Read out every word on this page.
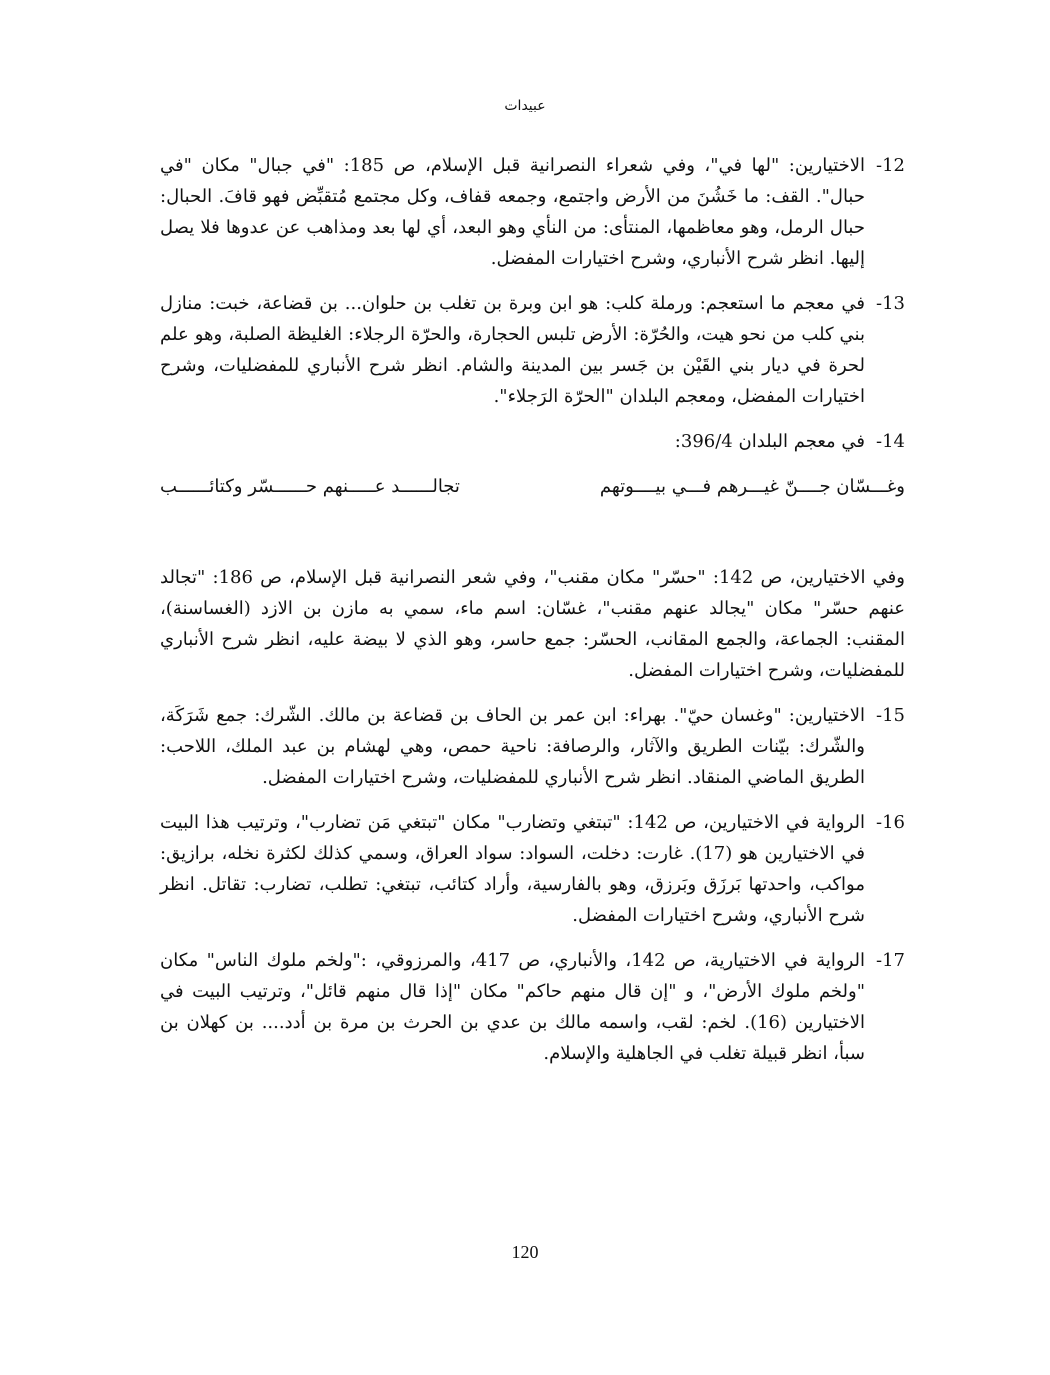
عبيدات
12-
الاختيارين: "لها في"، وفي شعراء النصرانية قبل الإسلام، ص 185: "في جبال" مكان "في حبال". القف: ما خَشُنَ من الأرض واجتمع، وجمعه قفاف، وكل مجتمع مُتقبِّض فهو قافَ. الحبال: حبال الرمل، وهو معاظمها، المنتأى: من النأي وهو البعد، أي لها بعد ومذاهب عن عدوها فلا يصل إليها. انظر شرح الأنباري، وشرح اختيارات المفضل.
13-
في معجم ما استعجم: ورملة كلب: هو ابن وبرة بن تغلب بن حلوان... بن قضاعة، خبت: منازل بني كلب من نحو هيت، والحُرّة: الأرض تلبس الحجارة، والحرّة الرجلاء: الغليظة الصلبة، وهو علم لحرة في ديار بني القَيْن بن جَسر بين المدينة والشام. انظر شرح الأنباري للمفضليات، وشرح اختيارات المفضل، ومعجم البلدان "الحرّة الرَجلاء".
14-
في معجم البلدان 396/4:
وغـــسّان جــــنّ غيـــرهم فـــي بيــــوتهم
تجالــــــد عـــــنهم حــــــسّر وكتائــــــب
وفي الاختيارين، ص 142: "حسّر" مكان مقنب"، وفي شعر النصرانية قبل الإسلام، ص 186: "تجالد عنهم حسّر" مكان "يجالد عنهم مقنب"، غسّان: اسم ماء، سمي به مازن بن الازد (الغساسنة)، المقنب: الجماعة، والجمع المقانب، الحسّر: جمع حاسر، وهو الذي لا بيضة عليه، انظر شرح الأنباري للمفضليات، وشرح اختيارات المفضل.
15-
الاختيارين: "وغسان حيّ". بهراء: ابن عمر بن الحاف بن قضاعة بن مالك. الشّرك: جمع شَرَكَة، والشّرك: بيّنات الطريق والآثار، والرصافة: ناحية حمص، وهي لهشام بن عبد الملك، اللاحب: الطريق الماضي المنقاد. انظر شرح الأنباري للمفضليات، وشرح اختيارات المفضل.
16-
الرواية في الاختيارين، ص 142: "تبتغي وتضارب" مكان "تبتغي مَن تضارب"، وترتيب هذا البيت في الاختيارين هو (17). غارت: دخلت، السواد: سواد العراق، وسمي كذلك لكثرة نخله، برازيق: مواكب، واحدتها بَرزَق وبَرزق، وهو بالفارسية، وأراد كتائب، تبتغي: تطلب، تضارب: تقاتل. انظر شرح الأنباري، وشرح اختيارات المفضل.
17-
الرواية في الاختيارية، ص 142، والأنباري، ص 417، والمرزوقي، :"ولخم ملوك الناس" مكان "ولخم ملوك الأرض"، و "إن قال منهم حاكم" مكان "إذا قال منهم قائل"، وترتيب البيت في الاختيارين (16). لخم: لقب، واسمه مالك بن عدي بن الحرث بن مرة بن أدد.... بن كهلان بن سبأ، انظر قبيلة تغلب في الجاهلية والإسلام.
120
